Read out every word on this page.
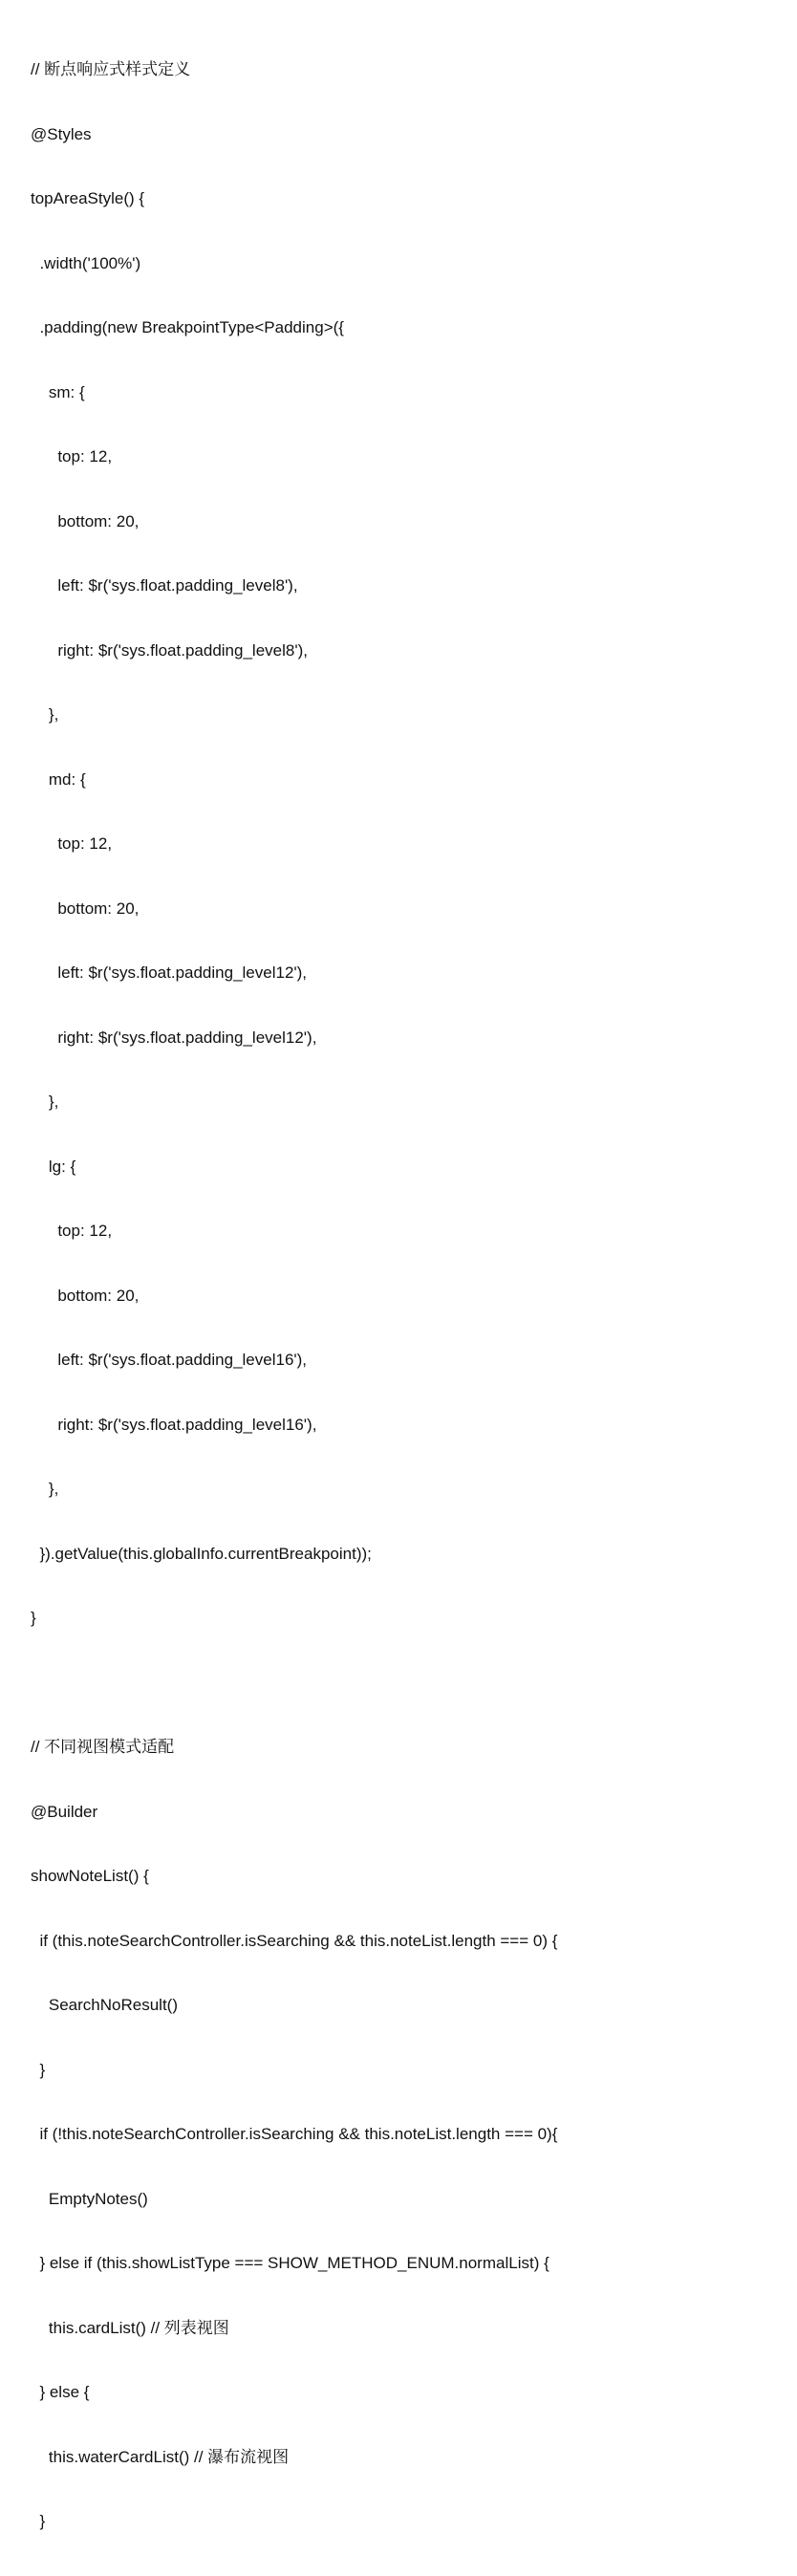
// 断点响应式样式定义

@Styles

topAreaStyle() {

.width('100%')

.padding(new BreakpointType<Padding>({

sm: {

top: 12,

bottom: 20,

left: $r('sys.float.padding_level8'),

right: $r('sys.float.padding_level8'),

},

md: {

top: 12,

bottom: 20,

left: $r('sys.float.padding_level12'),

right: $r('sys.float.padding_level12'),

},

lg: {

top: 12,

bottom: 20,

left: $r('sys.float.padding_level16'),

right: $r('sys.float.padding_level16'),

},

}).getValue(this.globalInfo.currentBreakpoint));

}

// 不同视图模式适配

@Builder

showNoteList() {

if (this.noteSearchController.isSearching && this.noteList.length === 0) {

SearchNoResult()

}

if (!this.noteSearchController.isSearching && this.noteList.length === 0){

EmptyNotes()

} else if (this.showListType === SHOW_METHOD_ENUM.normalList) {

this.cardList() // 列表视图

} else {

this.waterCardList() // 瀑布流视图

}
